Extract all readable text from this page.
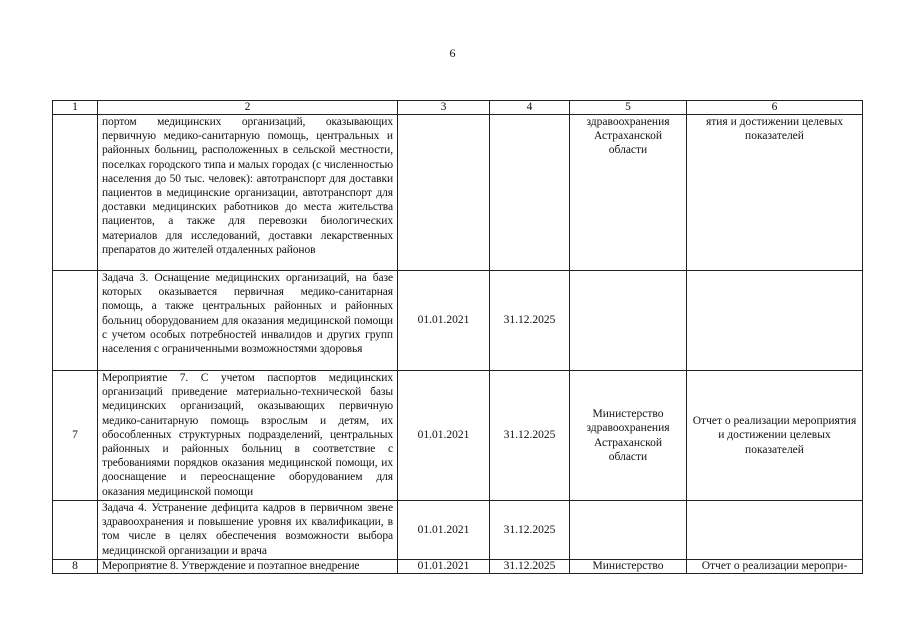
6
1	2	3	4	5	6
	портом медицинских организаций, оказывающих первичную медико-санитарную помощь, центральных и районных больниц, расположенных в сельской местности, поселках городского типа и малых городах (с численностью населения до 50 тыс. человек): автотранспорт для доставки пациентов в медицинские организации, автотранспорт для доставки медицинских работников до места жительства пациентов, а также для перевозки биологических материалов для исследований, доставки лекарственных препаратов до жителей отдаленных районов			здравоохранения Астраханской области	ятия и достижении целевых показателей
	Задача 3. Оснащение медицинских организаций, на базе которых оказывается первичная медико-санитарная помощь, а также центральных районных и районных больниц оборудованием для оказания медицинской помощи с учетом особых потребностей инвалидов и других групп населения с ограниченными возможностями здоровья	01.01.2021	31.12.2025		
7	Мероприятие 7. С учетом паспортов медицинских организаций приведение материально-технической базы медицинских организаций, оказывающих первичную медико-санитарную помощь взрослым и детям, их обособленных структурных подразделений, центральных районных и районных больниц в соответствие с требованиями порядков оказания медицинской помощи, их дооснащение и переоснащение оборудованием для оказания медицинской помощи	01.01.2021	31.12.2025	Министерство здравоохранения Астраханской области	Отчет о реализации мероприятия и достижении целевых показателей
	Задача 4. Устранение дефицита кадров в первичном звене здравоохранения и повышение уровня их квалификации, в том числе в целях обеспечения возможности выбора медицинской организации и врача	01.01.2021	31.12.2025		
8	Мероприятие 8. Утверждение и поэтапное внедрение	01.01.2021	31.12.2025	Министерство	Отчет о реализации меропри-
